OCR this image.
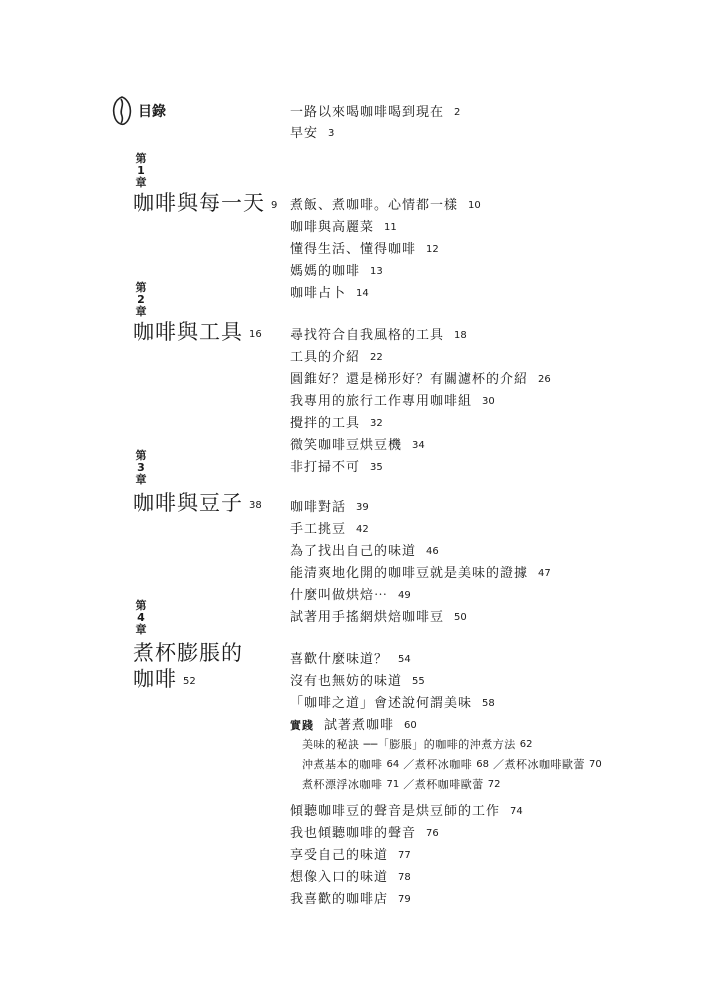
目錄	一路以來喝咖啡喝到現在 2
早安 3
第
1
章
咖啡與每一天 9 煮飯、煮咖啡。心情都一樣 10
咖啡與高麗菜 11
懂得生活、懂得咖啡 12
媽媽的咖啡 13
咖啡占卜 14
第
2
章
咖啡與工具 16 尋找符合自我風格的工具 18
工具的介紹 22
圓錐好？還是梯形好？有關濾杯的介紹 26
我專用的旅行工作專用咖啡組 30
攪拌的工具 32
微笑咖啡豆烘豆機 34
非打掃不可 35
第
3
章
咖啡與豆子 38 咖啡對話 39
手工挑豆 42
為了找出自己的味道 46
能清爽地化開的咖啡豆就是美味的證據 47
什麼叫做烘焙⋯ 49
試著用手搖網烘焙咖啡豆 50
第
4
章
煮杯膨脹的
咖啡 52
喜歡什麼味道？ 54
沒有也無妨的味道 55
「咖啡之道」會述說何謂美味 58
實踐 試著煮咖啡 60
美味的秘訣 ──「膨脹」的咖啡的沖煮方法 62
沖煮基本的咖啡 64 ／煮杯冰咖啡 68 ／煮杯冰咖啡歐蕾 70
煮杯漂浮冰咖啡 71 ／煮杯咖啡歐蕾 72
傾聽咖啡豆的聲音是烘豆師的工作 74
我也傾聽咖啡的聲音 76
享受自己的味道 77
想像入口的味道 78
我喜歡的咖啡店 79
